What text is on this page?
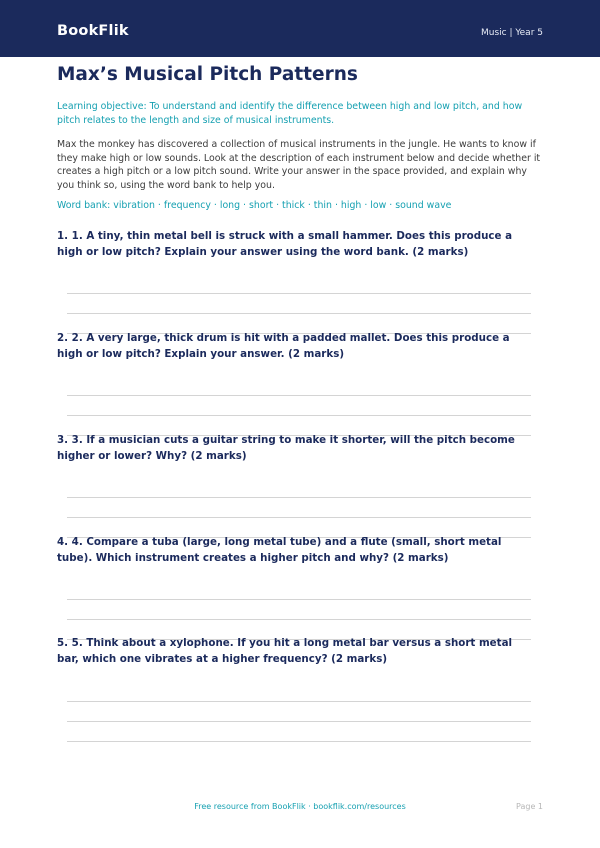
BookFlik	Music | Year 5
Max’s Musical Pitch Patterns
Learning objective: To understand and identify the difference between high and low pitch, and how pitch relates to the length and size of musical instruments.
Max the monkey has discovered a collection of musical instruments in the jungle. He wants to know if they make high or low sounds. Look at the description of each instrument below and decide whether it creates a high pitch or a low pitch sound. Write your answer in the space provided, and explain why you think so, using the word bank to help you.
Word bank: vibration · frequency · long · short · thick · thin · high · low · sound wave
1. 1. A tiny, thin metal bell is struck with a small hammer. Does this produce a high or low pitch? Explain your answer using the word bank. (2 marks)
2. 2. A very large, thick drum is hit with a padded mallet. Does this produce a high or low pitch? Explain your answer. (2 marks)
3. 3. If a musician cuts a guitar string to make it shorter, will the pitch become higher or lower? Why? (2 marks)
4. 4. Compare a tuba (large, long metal tube) and a flute (small, short metal tube). Which instrument creates a higher pitch and why? (2 marks)
5. 5. Think about a xylophone. If you hit a long metal bar versus a short metal bar, which one vibrates at a higher frequency? (2 marks)
Free resource from BookFlik · bookflik.com/resources	Page 1
